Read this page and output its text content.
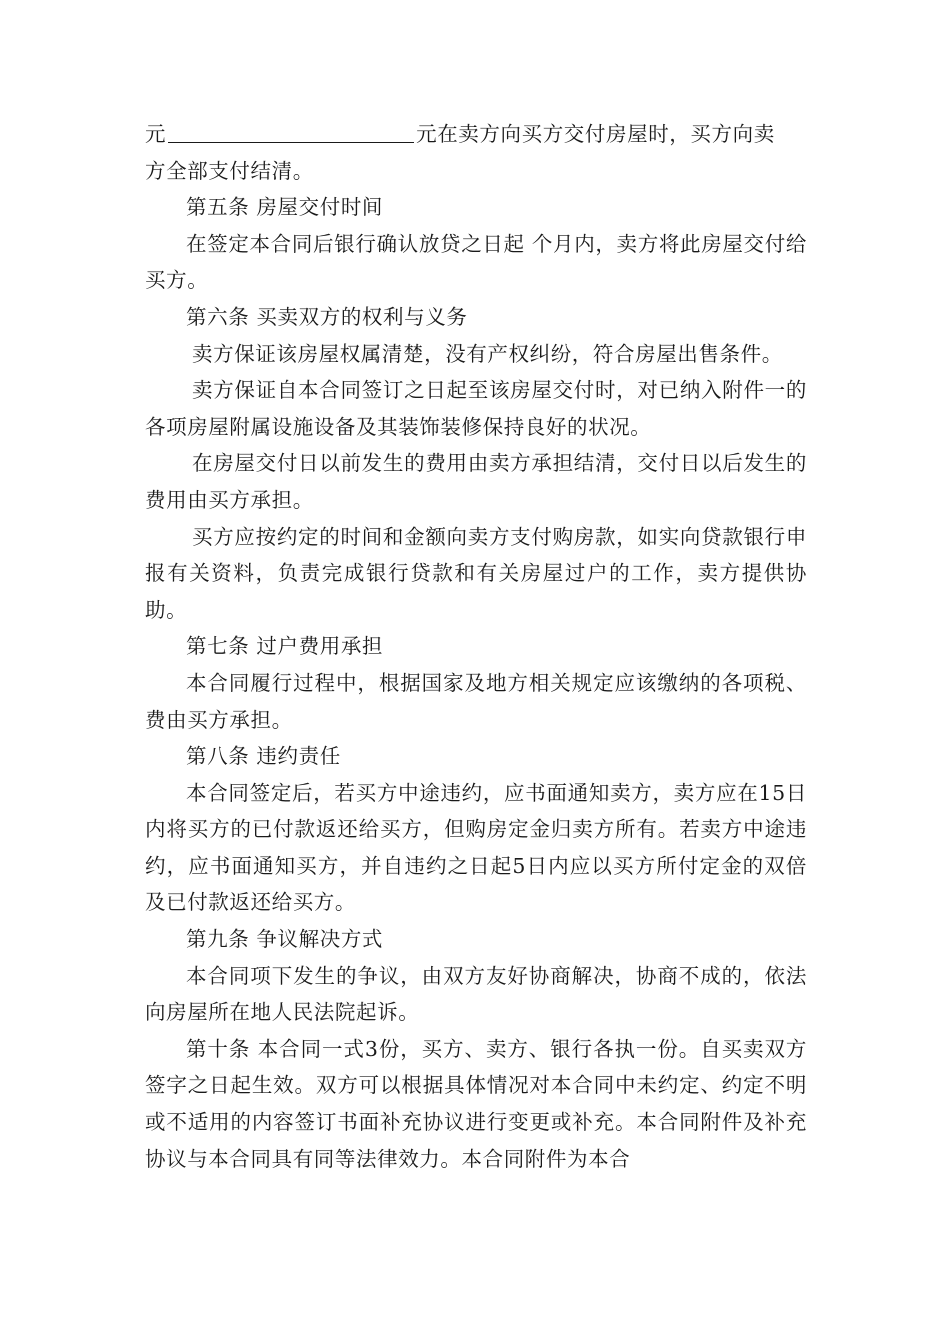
元	元在卖方向买方交付房屋时，买方向卖

方全部支付结清。

第五条 房屋交付时间

在签定本合同后银行确认放贷之日起 个月内，卖方将此房屋交付给买方。

第六条 买卖双方的权利与义务

卖方保证该房屋权属清楚，没有产权纠纷，符合房屋出售条件。

卖方保证自本合同签订之日起至该房屋交付时，对已纳入附件一的各项房屋附属设施设备及其装饰装修保持良好的状况。

在房屋交付日以前发生的费用由卖方承担结清，交付日以后发生的费用由买方承担。

买方应按约定的时间和金额向卖方支付购房款，如实向贷款银行申报有关资料，负责完成银行贷款和有关房屋过户的工作，卖方提供协助。

第七条 过户费用承担

本合同履行过程中，根据国家及地方相关规定应该缴纳的各项税、费由买方承担。

第八条 违约责任

本合同签定后，若买方中途违约，应书面通知卖方，卖方应在15日内将买方的已付款返还给买方，但购房定金归卖方所有。若卖方中途违约，应书面通知买方，并自违约之日起5日内应以买方所付定金的双倍及已付款返还给买方。

第九条 争议解决方式

本合同项下发生的争议，由双方友好协商解决，协商不成的，依法向房屋所在地人民法院起诉。

第十条 本合同一式3份，买方、卖方、银行各执一份。自买卖双方签字之日起生效。双方可以根据具体情况对本合同中未约定、约定不明或不适用的内容签订书面补充协议进行变更或补充。本合同附件及补充协议与本合同具有同等法律效力。本合同附件为本合
